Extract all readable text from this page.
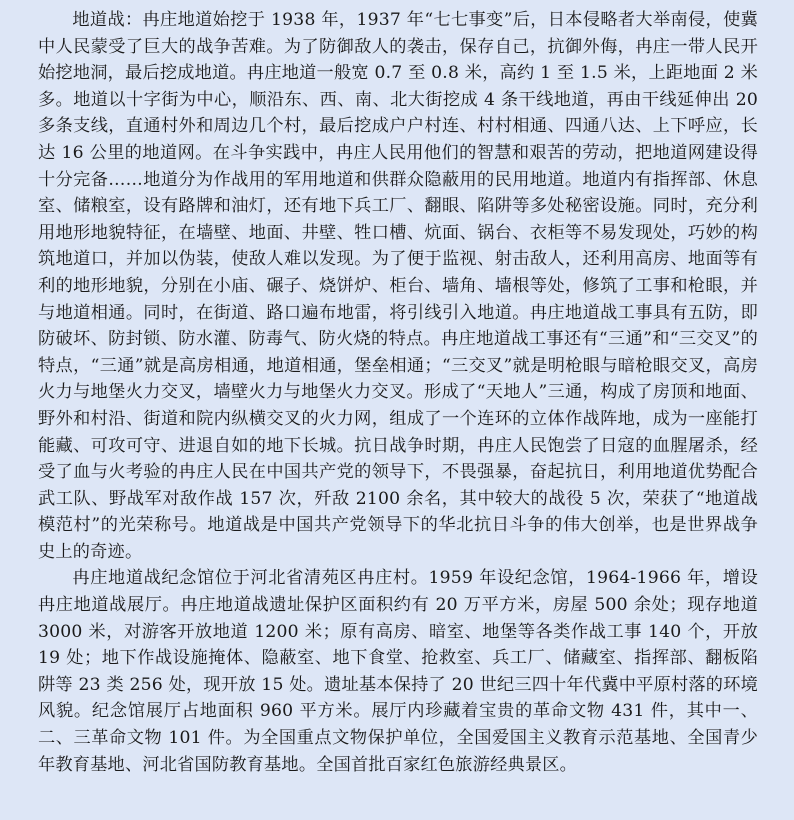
地道战：冉庄地道始挖于 1938 年，1937 年“七七事变”后，日本侵略者大举南侵，使冀中人民蒙受了巨大的战争苦难。为了防御敌人的袭击，保存自己，抗御外侮，冉庄一带人民开始挖地洞，最后挖成地道。冉庄地道一般宽 0.7 至 0.8 米，高约 1 至 1.5 米，上距地面 2 米多。地道以十字街为中心，顺沿东、西、南、北大街挖成 4 条干线地道，再由干线延伸出 20 多条支线，直通村外和周边几个村，最后挖成户户村连、村村相通、四通八达、上下呼应，长达 16 公里的地道网。在斗争实践中，冉庄人民用他们的智慧和艰苦的劳动，把地道网建设得十分完备……地道分为作战用的军用地道和供群众隐蔽用的民用地道。地道内有指挥部、休息室、储粮室，设有路牌和油灯，还有地下兵工厂、翻眼、陷阱等多处秘密设施。同时，充分利用地形地貌特征，在墙壁、地面、井壁、牲口槽、炕面、锅台、衣柜等不易发现处，巧妙的构筑地道口，并加以伪装，使敌人难以发现。为了便于监视、射击敌人，还利用高房、地面等有利的地形地貌，分别在小庙、碾子、烧饼炉、柜台、墙角、墙根等处，修筑了工事和枪眼，并与地道相通。同时，在街道、路口遍布地雷，将引线引入地道。冉庄地道战工事具有五防，即防破坏、防封锁、防水灌、防毒气、防火烧的特点。冉庄地道战工事还有“三通”和“三交叉”的特点，“三通”就是高房相通，地道相通，堡垒相通；“三交叉”就是明枪眼与暗枪眼交叉，高房火力与地堡火力交叉，墙壁火力与地堡火力交叉。形成了“天地人”三通，构成了房顶和地面、野外和村沿、街道和院内纵横交叉的火力网，组成了一个连环的立体作战阵地，成为一座能打能藏、可攻可守、进退自如的地下长城。抗日战争时期，冉庄人民饱尝了日寇的血腥屠杀，经受了血与火考验的冉庄人民在中国共产党的领导下，不畏强暴，奋起抗日，利用地道优势配合武工队、野战军对敌作战 157 次，歼敌 2100 余名，其中较大的战役 5 次，荣获了“地道战模范村”的光荣称号。地道战是中国共产党领导下的华北抗日斗争的伟大创举，也是世界战争史上的奇迹。

冉庄地道战纪念馆位于河北省清苑区冉庄村。1959 年设纪念馆，1964-1966 年，增设冉庄地道战展厅。冉庄地道战遗址保护区面积约有 20 万平方米，房屋 500 余处；现存地道 3000 米，对游客开放地道 1200 米；原有高房、暗室、地堡等各类作战工事 140 个，开放 19 处；地下作战设施掩体、隐蔽室、地下食堂、抢救室、兵工厂、储藏室、指挥部、翻板陷阱等 23 类 256 处，现开放 15 处。遗址基本保持了 20 世纪三四十年代冀中平原村落的环境风貌。纪念馆展厅占地面积 960 平方米。展厅内珍藏着宝贵的革命文物 431 件，其中一、二、三革命文物 101 件。为全国重点文物保护单位，全国爱国主义教育示范基地、全国青少年教育基地、河北省国防教育基地。全国首批百家红色旅游经典景区。
